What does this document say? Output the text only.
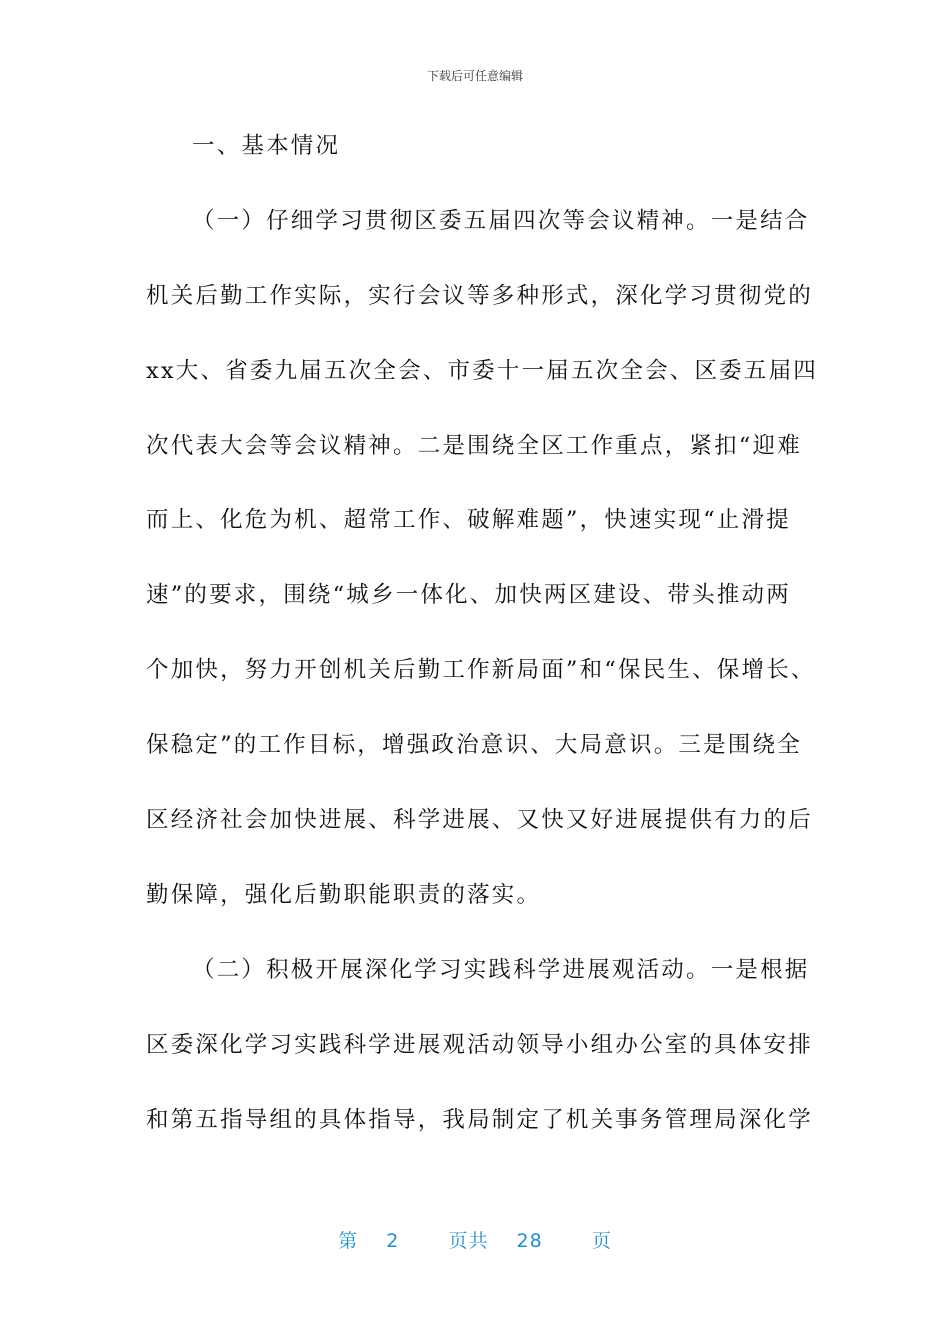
下载后可任意编辑
一、基本情况
（一）仔细学习贯彻区委五届四次等会议精神。一是结合
机关后勤工作实际，实行会议等多种形式，深化学习贯彻党的
xx大、省委九届五次全会、市委十一届五次全会、区委五届四
次代表大会等会议精神。二是围绕全区工作重点，紧扣“迎难
而上、化危为机、超常工作、破解难题”，快速实现“止滑提
速”的要求，围绕“城乡一体化、加快两区建设、带头推动两
个加快，努力开创机关后勤工作新局面”和“保民生、保增长、
保稳定”的工作目标，增强政治意识、大局意识。三是围绕全
区经济社会加快进展、科学进展、又快又好进展提供有力的后
勤保障，强化后勤职能职责的落实。
（二）积极开展深化学习实践科学进展观活动。一是根据
区委深化学习实践科学进展观活动领导小组办公室的具体安排
和第五指导组的具体指导，我局制定了机关事务管理局深化学
第 2	页共 28	页
